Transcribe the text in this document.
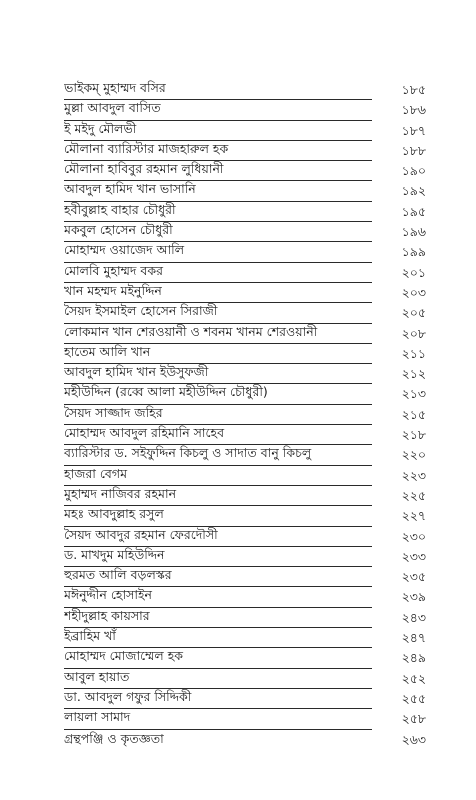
ভাইকম্ মুহাম্মদ বসির	১৮৫
মুল্লা আবদুল বাসিত	১৮৬
ই মইদু মৌলভী	১৮৭
মৌলানা ব্যারিস্টার মাজহারুল হক	১৮৮
মৌলানা হাবিবুর রহমান লুধিয়ানী	১৯০
আবদুল হামিদ খান ভাসানি	১৯২
হবীবুল্লাহ বাহার চৌধুরী	১৯৫
মকবুল হোসেন চৌধুরী	১৯৬
মোহাম্মদ ওয়াজেদ আলি	১৯৯
মোলবি মুহাম্মদ বকর	২০১
খান মহম্মদ মইনুদ্দিন	২০৩
সৈয়দ ইসমাইল হোসেন সিরাজী	২০৫
লোকমান খান শেরওয়ানী ও শবনম খানম শেরওয়ানী	২০৮
হাতেম আলি খান	২১১
আবদুল হামিদ খান ইউসুফজী	২১২
মহীউদ্দিন (রব্বে আলা মহীউদ্দিন চৌধুরী)	২১৩
সৈয়দ সাজ্জাদ জহির	২১৫
মোহাম্মদ আবদুল রহিমানি সাহেব	২১৮
ব্যারিস্টার ড. সইফুদ্দিন কিচলু ও সাদাত বানু কিচলু	২২০
হাজরা বেগম	২২৩
মুহাম্মদ নাজিবর রহমান	২২৫
মহঃ আবদুল্লাহ রসুল	২২৭
সৈয়দ আবদুর রহমান ফেরদৌসী	২৩০
ড. মাখদুম মহিউদ্দিন	২৩৩
হুরমত আলি বড়লস্কর	২৩৫
মঈনুদ্দীন হোসাইন	২৩৯
শহীদুল্লাহ কায়সার	২৪৩
ইব্রাহিম খাঁ	২৪৭
মোহাম্মদ মোজাম্মেল হক	২৪৯
আবুল হায়াত	২৫২
ডা. আবদুল গফুর সিদ্দিকী	২৫৫
লায়লা সামাদ	২৫৮
গ্রন্থপঞ্জি ও কৃতজ্ঞতা	২৬৩
